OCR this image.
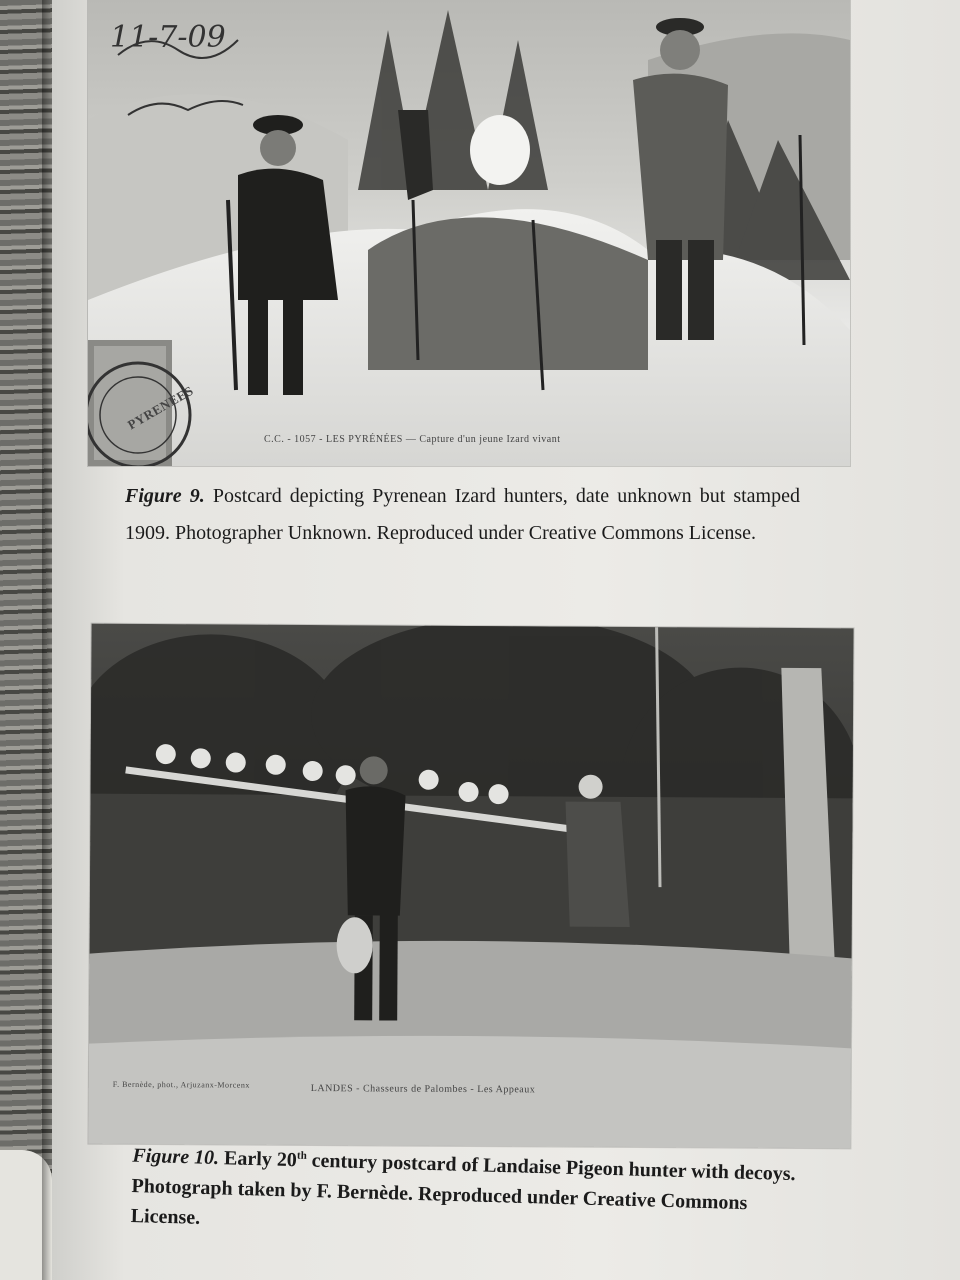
11-7-09
PYRENEES
C.C. - 1057 - LES PYRÉNÉES — Capture d'un jeune Izard vivant
Figure 9. Postcard depicting Pyrenean Izard hunters, date unknown but stamped 1909. Photographer Unknown. Reproduced under Creative Commons License.
F. Bernède, phot., Arjuzanx-Morcenx	LANDES - Chasseurs de Palombes - Les Appeaux
Figure 10. Early 20th century postcard of Landaise Pigeon hunter with decoys. Photograph taken by F. Bernède. Reproduced under Creative Commons License.
